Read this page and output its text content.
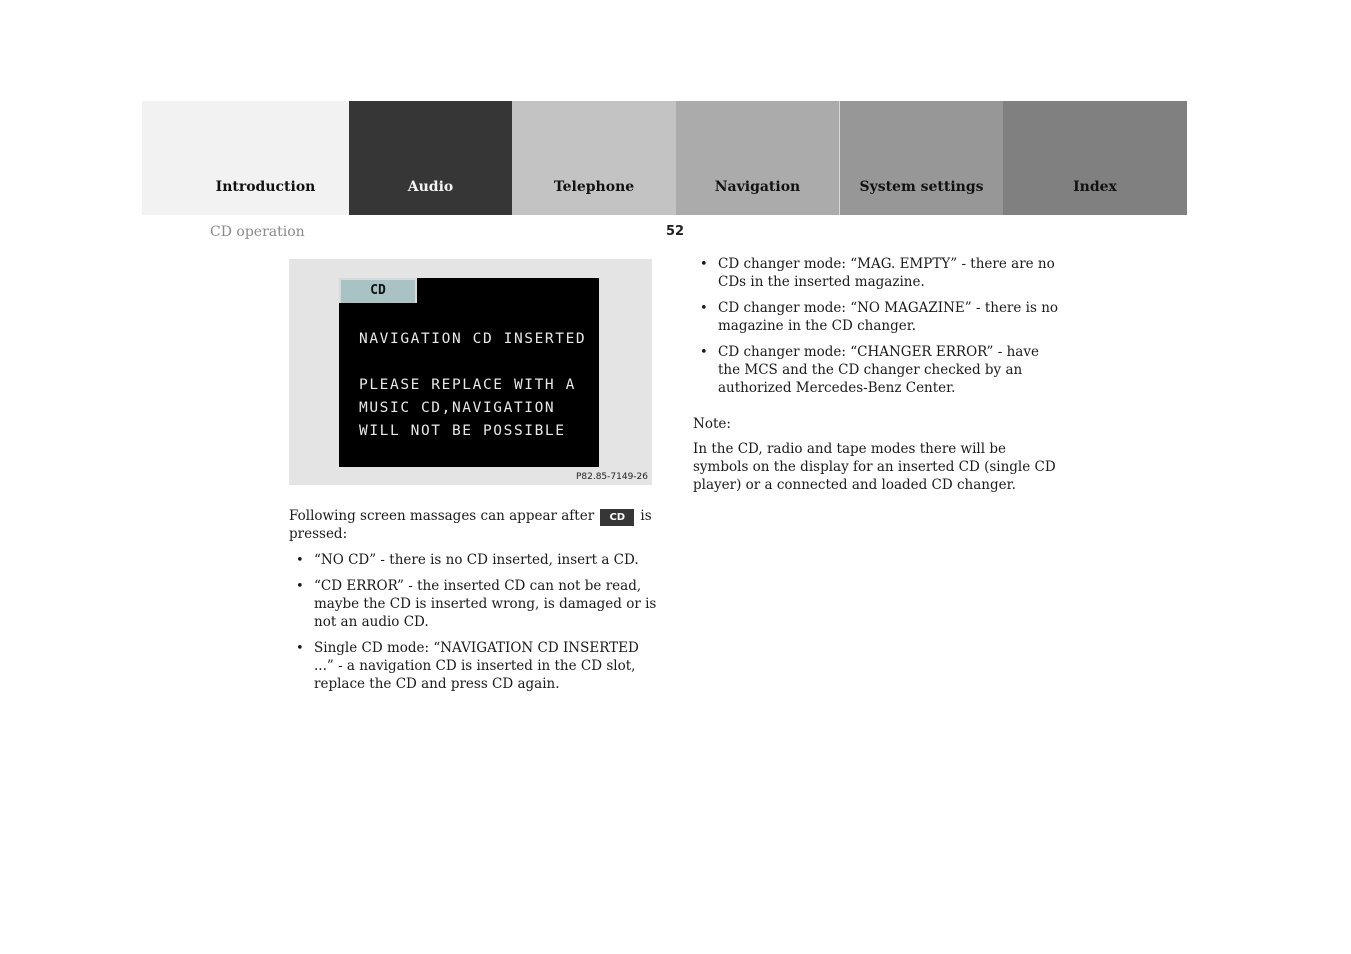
Introduction	Audio	Telephone	Navigation	System settings	Index
CD operation	52
CD
NAVIGATION CD INSERTED
PLEASE REPLACE WITH A
MUSIC CD,NAVIGATION
WILL NOT BE POSSIBLE
P82.85-7149-26

Following screen massages can appear after CD is pressed:

• “NO CD” - there is no CD inserted, insert a CD.
• “CD ERROR” - the inserted CD can not be read, maybe the CD is inserted wrong, is damaged or is not an audio CD.
• Single CD mode: “NAVIGATION CD INSERTED ...” - a navigation CD is inserted in the CD slot, replace the CD and press CD again.
• CD changer mode: “MAG. EMPTY” - there are no CDs in the inserted magazine.
• CD changer mode: “NO MAGAZINE” - there is no magazine in the CD changer.
• CD changer mode: “CHANGER ERROR” - have the MCS and the CD changer checked by an authorized Mercedes-Benz Center.

Note:

In the CD, radio and tape modes there will be symbols on the display for an inserted CD (single CD player) or a connected and loaded CD changer.
